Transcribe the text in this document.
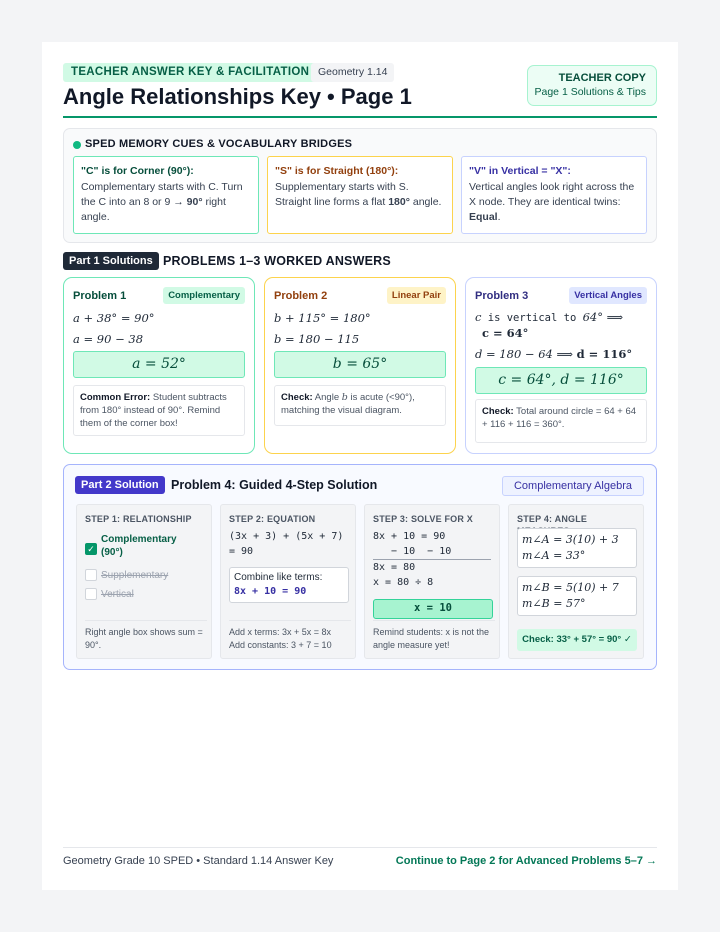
TEACHER ANSWER KEY & FACILITATION Geometry 1.14
Angle Relationships Key • Page 1
TEACHER COPY
Page 1 Solutions & Tips
SPED MEMORY CUES & VOCABULARY BRIDGES
"C" is for Corner (90°):
Complementary starts with C. Turn the C into an 8 or 9 → 90° right angle.
"S" is for Straight (180°):
Supplementary starts with S. Straight line forms a flat 180° angle.
"V" in Vertical = "X":
Vertical angles look right across the X node. They are identical twins: Equal.
Part 1 Solutions PROBLEMS 1–3 WORKED ANSWERS
Problem 1	Complementary
a + 38° = 90°
a = 90 − 38
a = 52°
Common Error: Student subtracts from 180° instead of 90°. Remind them of the corner box!
Problem 2	Linear Pair
b + 115° = 180°
b = 180 − 115
b = 65°
Check: Angle b is acute (<90°), matching the visual diagram.
Problem 3	Vertical Angles
c is vertical to 64° ⟹
c = 64°
d = 180 − 64 ⟹ d = 116°
c = 64°, d = 116°
Check: Total around circle = 64 + 64 + 116 + 116 = 360°.
Part 2 Solution Problem 4: Guided 4-Step Solution	Complementary Algebra
STEP 1: RELATIONSHIP
✓
Complementary (90°)
Supplementary
Vertical
Right angle box shows sum = 90°.
STEP 2: EQUATION
(3x + 3) + (5x + 7)
= 90
Combine like terms:
8x + 10 = 90
Add x terms: 3x + 5x = 8x
Add constants: 3 + 7 = 10
STEP 3: SOLVE FOR X
8x + 10 = 90
− 10  − 10
8x = 80
x = 80 ÷ 8
x = 10
Remind students: x is not the angle measure yet!
STEP 4: ANGLE
m∠A = 3(10) + 3
m∠A = 33°
m∠B = 5(10) + 7
m∠B = 57°
Check: 33° + 57° = 90° ✓
Geometry Grade 10 SPED • Standard 1.14 Answer Key	Continue to Page 2 for Advanced Problems 5–7 →
